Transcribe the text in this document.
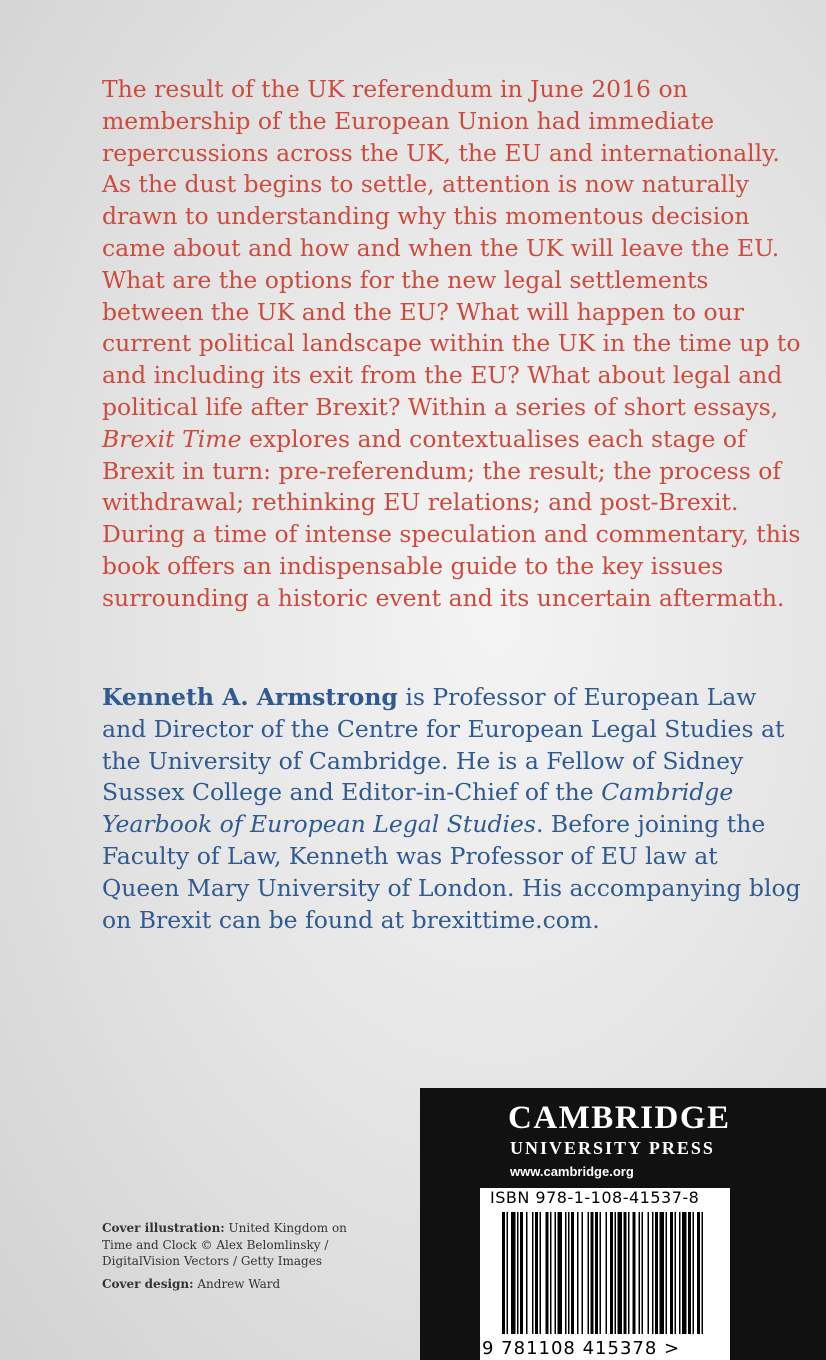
The result of the UK referendum in June 2016 on membership of the European Union had immediate repercussions across the UK, the EU and internationally. As the dust begins to settle, attention is now naturally drawn to understanding why this momentous decision came about and how and when the UK will leave the EU. What are the options for the new legal settlements between the UK and the EU? What will happen to our current political landscape within the UK in the time up to and including its exit from the EU? What about legal and political life after Brexit? Within a series of short essays, Brexit Time explores and contextualises each stage of Brexit in turn: pre-referendum; the result; the process of withdrawal; rethinking EU relations; and post-Brexit. During a time of intense speculation and commentary, this book offers an indispensable guide to the key issues surrounding a historic event and its uncertain aftermath.

Kenneth A. Armstrong is Professor of European Law and Director of the Centre for European Legal Studies at the University of Cambridge. He is a Fellow of Sidney Sussex College and Editor-in-Chief of the Cambridge Yearbook of European Legal Studies. Before joining the Faculty of Law, Kenneth was Professor of EU law at Queen Mary University of London. His accompanying blog on Brexit can be found at brexittime.com.

Cover illustration: United Kingdom on Time and Clock © Alex Belomlinsky / DigitalVision Vectors / Getty Images

Cover design: Andrew Ward

CAMBRIDGE
UNIVERSITY PRESS
www.cambridge.org
ISBN 978-1-108-41537-8
9 781108 415378 >
